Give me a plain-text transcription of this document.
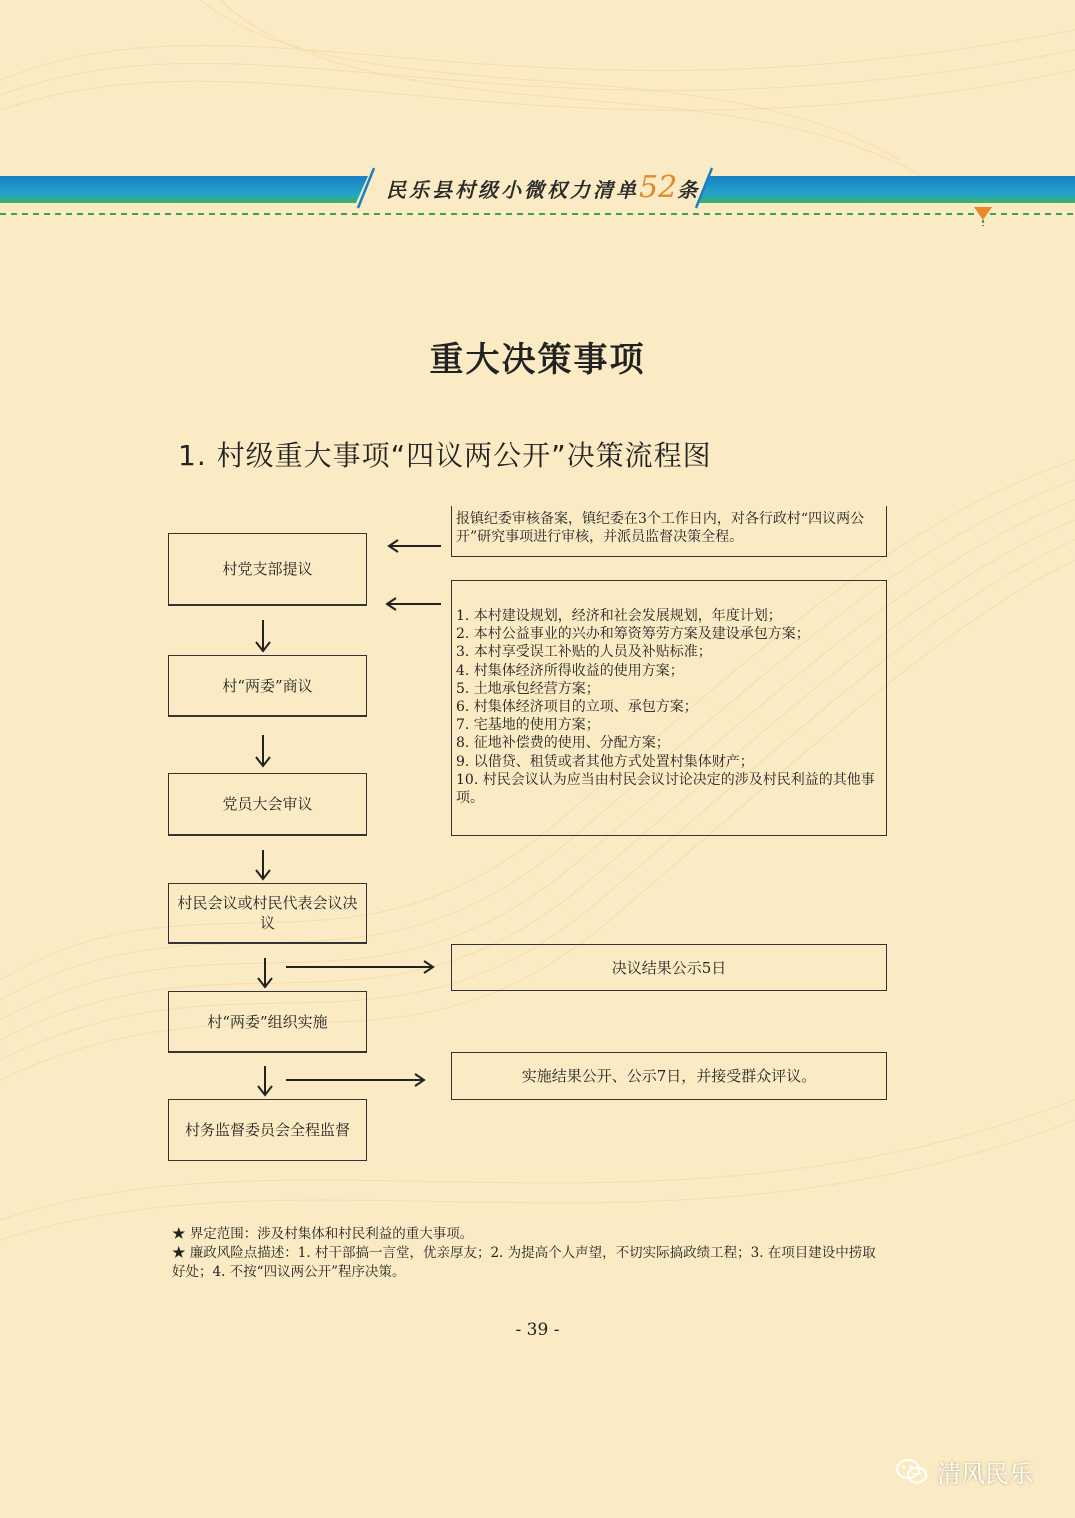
民乐县村级小微权力清单52条
重大决策事项
1. 村级重大事项“四议两公开”决策流程图
村党支部提议
村“两委”商议
党员大会审议
村民会议或村民代表会议决议
村“两委”组织实施
村务监督委员会全程监督
报镇纪委审核备案，镇纪委在3个工作日内，对各行政村“四议两公开”研究事项进行审核，并派员监督决策全程。
1. 本村建设规划，经济和社会发展规划，年度计划；
2. 本村公益事业的兴办和筹资筹劳方案及建设承包方案；
3. 本村享受误工补贴的人员及补贴标准；
4. 村集体经济所得收益的使用方案；
5. 土地承包经营方案；
6. 村集体经济项目的立项、承包方案；
7. 宅基地的使用方案；
8. 征地补偿费的使用、分配方案；
9. 以借贷、租赁或者其他方式处置村集体财产；
10. 村民会议认为应当由村民会议讨论决定的涉及村民利益的其他事项。
决议结果公示5日
实施结果公开、公示7日，并接受群众评议。
★ 界定范围：涉及村集体和村民利益的重大事项。
★ 廉政风险点描述：1. 村干部搞一言堂，优亲厚友；2. 为提高个人声望，不切实际搞政绩工程；3. 在项目建设中捞取好处；4. 不按“四议两公开”程序决策。
- 39 -
清风民乐
